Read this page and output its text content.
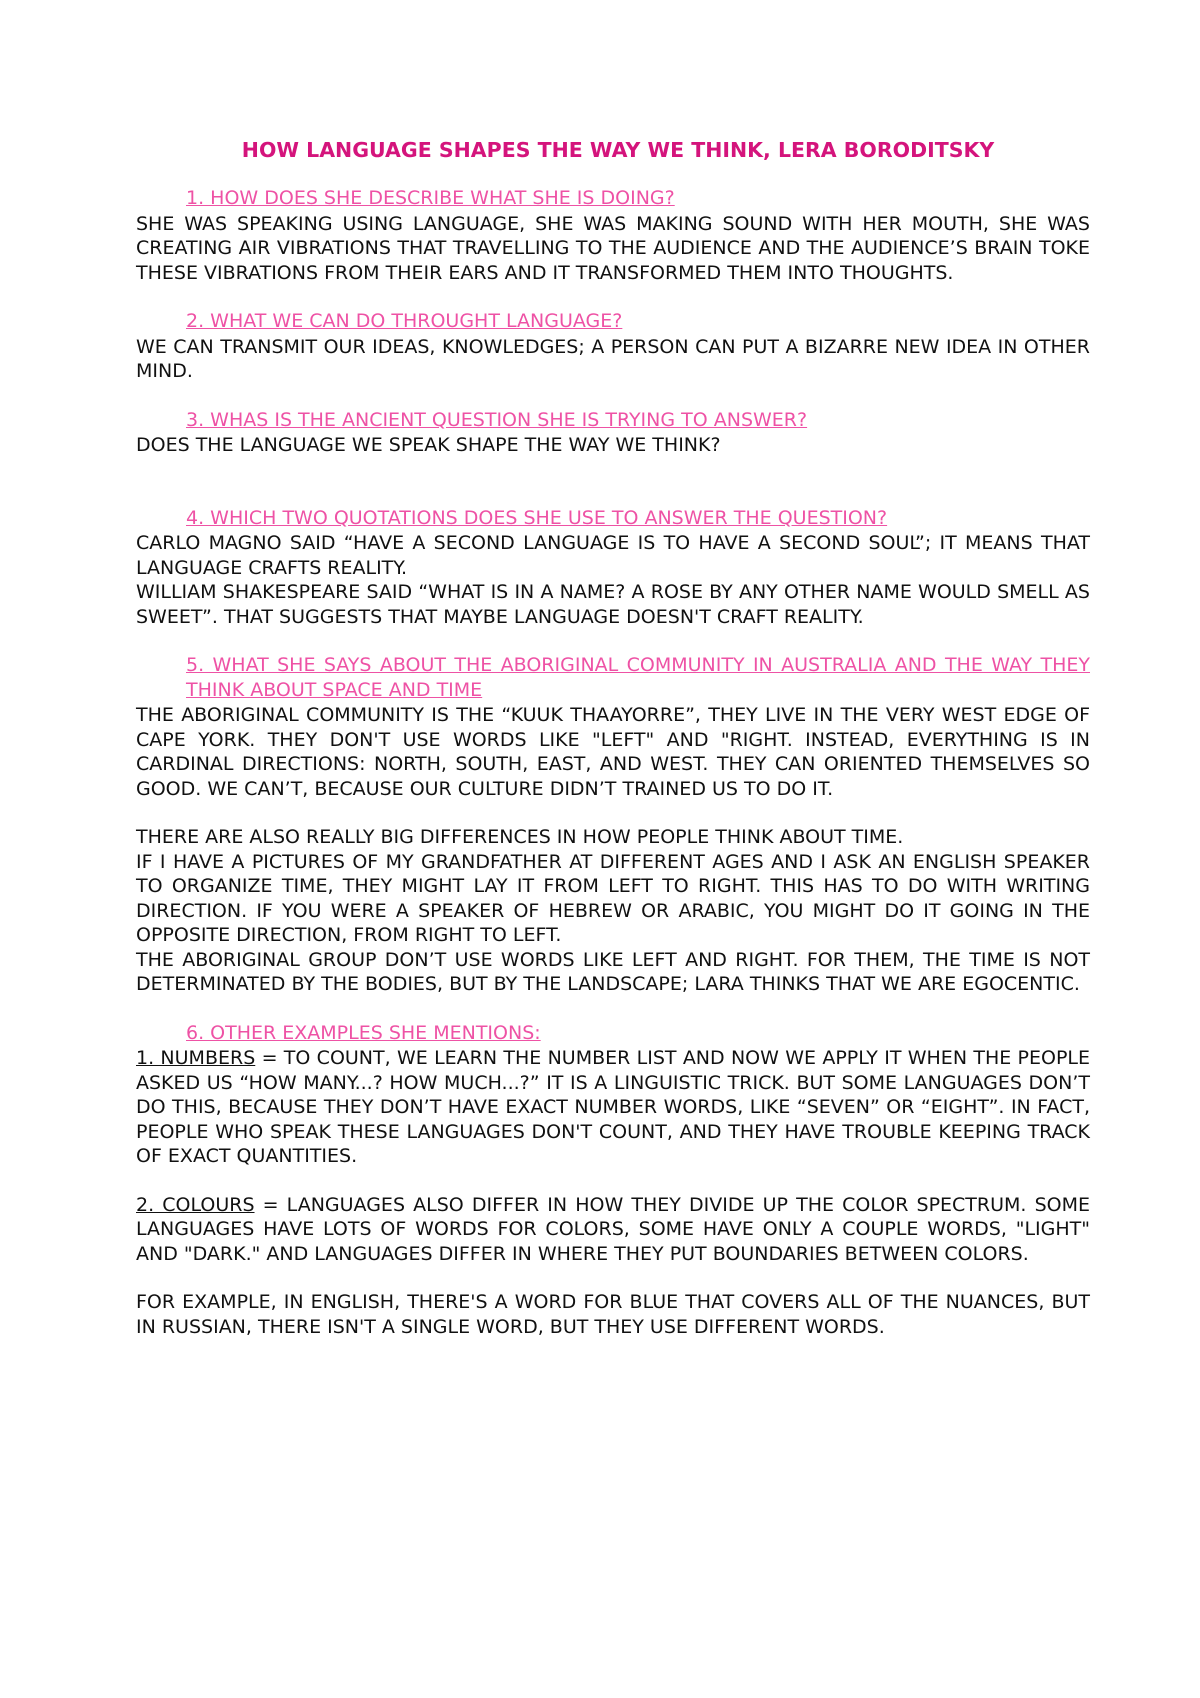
HOW LANGUAGE SHAPES THE WAY WE THINK, LERA BORODITSKY
1. HOW DOES SHE DESCRIBE WHAT SHE IS DOING?

SHE WAS SPEAKING USING LANGUAGE, SHE WAS MAKING SOUND WITH HER MOUTH, SHE WAS CREATING AIR VIBRATIONS THAT TRAVELLING TO THE AUDIENCE AND THE AUDIENCE’S BRAIN TOKE THESE VIBRATIONS FROM THEIR EARS AND IT TRANSFORMED THEM INTO THOUGHTS.

2. WHAT WE CAN DO THROUGHT LANGUAGE?

WE CAN TRANSMIT OUR IDEAS, KNOWLEDGES; A PERSON CAN PUT A BIZARRE NEW IDEA IN OTHER MIND.

3. WHAS IS THE ANCIENT QUESTION SHE IS TRYING TO ANSWER?

DOES THE LANGUAGE WE SPEAK SHAPE THE WAY WE THINK?

4. WHICH TWO QUOTATIONS DOES SHE USE TO ANSWER THE QUESTION?

CARLO MAGNO SAID “HAVE A SECOND LANGUAGE IS TO HAVE A SECOND SOUL”; IT MEANS THAT LANGUAGE CRAFTS REALITY.

WILLIAM SHAKESPEARE SAID “WHAT IS IN A NAME? A ROSE BY ANY OTHER NAME WOULD SMELL AS SWEET”. THAT SUGGESTS THAT MAYBE LANGUAGE DOESN'T CRAFT REALITY.

5. WHAT SHE SAYS ABOUT THE ABORIGINAL COMMUNITY IN AUSTRALIA AND THE WAY THEY THINK ABOUT SPACE AND TIME

THE ABORIGINAL COMMUNITY IS THE “KUUK THAAYORRE”, THEY LIVE IN THE VERY WEST EDGE OF CAPE YORK. THEY DON'T USE WORDS LIKE "LEFT" AND "RIGHT. INSTEAD, EVERYTHING IS IN CARDINAL DIRECTIONS: NORTH, SOUTH, EAST, AND WEST. THEY CAN ORIENTED THEMSELVES SO GOOD. WE CAN’T, BECAUSE OUR CULTURE DIDN’T TRAINED US TO DO IT.

THERE ARE ALSO REALLY BIG DIFFERENCES IN HOW PEOPLE THINK ABOUT TIME.

IF I HAVE A PICTURES OF MY GRANDFATHER AT DIFFERENT AGES AND I ASK AN ENGLISH SPEAKER TO ORGANIZE TIME, THEY MIGHT LAY IT FROM LEFT TO RIGHT. THIS HAS TO DO WITH WRITING DIRECTION. IF YOU WERE A SPEAKER OF HEBREW OR ARABIC, YOU MIGHT DO IT GOING IN THE OPPOSITE DIRECTION, FROM RIGHT TO LEFT.

THE ABORIGINAL GROUP DON’T USE WORDS LIKE LEFT AND RIGHT. FOR THEM, THE TIME IS NOT DETERMINATED BY THE BODIES, BUT BY THE LANDSCAPE; LARA THINKS THAT WE ARE EGOCENTIC.

6. OTHER EXAMPLES SHE MENTIONS:

1. NUMBERS = TO COUNT, WE LEARN THE NUMBER LIST AND NOW WE APPLY IT WHEN THE PEOPLE ASKED US “HOW MANY...? HOW MUCH...?” IT IS A LINGUISTIC TRICK. BUT SOME LANGUAGES DON’T DO THIS, BECAUSE THEY DON’T HAVE EXACT NUMBER WORDS, LIKE “SEVEN” OR “EIGHT”. IN FACT, PEOPLE WHO SPEAK THESE LANGUAGES DON'T COUNT, AND THEY HAVE TROUBLE KEEPING TRACK OF EXACT QUANTITIES.

2. COLOURS = LANGUAGES ALSO DIFFER IN HOW THEY DIVIDE UP THE COLOR SPECTRUM. SOME LANGUAGES HAVE LOTS OF WORDS FOR COLORS, SOME HAVE ONLY A COUPLE WORDS, "LIGHT" AND "DARK." AND LANGUAGES DIFFER IN WHERE THEY PUT BOUNDARIES BETWEEN COLORS.

FOR EXAMPLE, IN ENGLISH, THERE'S A WORD FOR BLUE THAT COVERS ALL OF THE NUANCES, BUT IN RUSSIAN, THERE ISN'T A SINGLE WORD, BUT THEY USE DIFFERENT WORDS.
